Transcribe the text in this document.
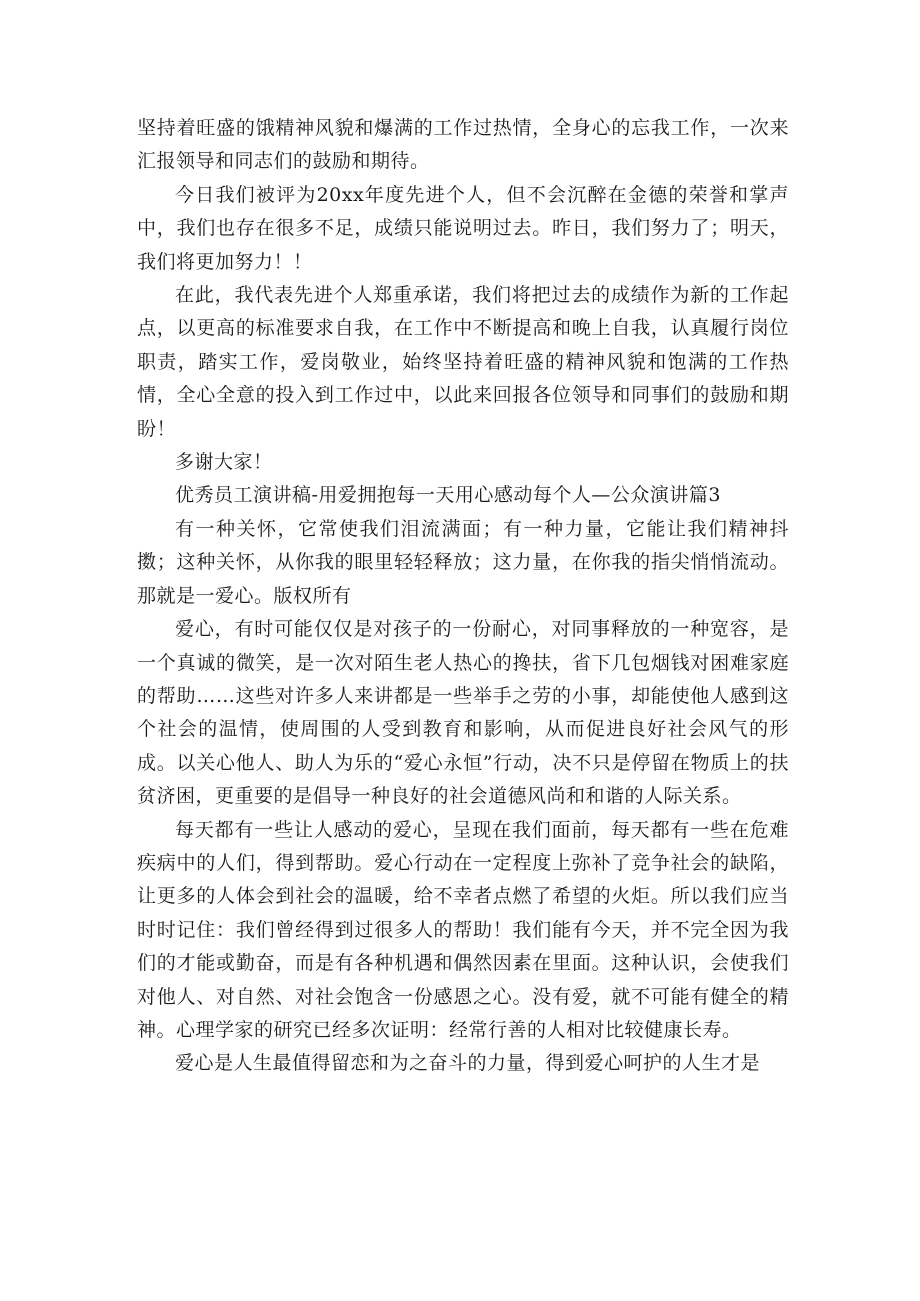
坚持着旺盛的饿精神风貌和爆满的工作过热情，全身心的忘我工作，一次来汇报领导和同志们的鼓励和期待。

今日我们被评为20xx年度先进个人，但不会沉醉在金德的荣誉和掌声中，我们也存在很多不足，成绩只能说明过去。昨日，我们努力了；明天，我们将更加努力！！

在此，我代表先进个人郑重承诺，我们将把过去的成绩作为新的工作起点，以更高的标准要求自我，在工作中不断提高和晚上自我，认真履行岗位职责，踏实工作，爱岗敬业，始终坚持着旺盛的精神风貌和饱满的工作热情，全心全意的投入到工作过中，以此来回报各位领导和同事们的鼓励和期盼！

多谢大家！

优秀员工演讲稿-用爱拥抱每一天用心感动每个人—公众演讲篇3

有一种关怀，它常使我们泪流满面；有一种力量，它能让我们精神抖擞；这种关怀，从你我的眼里轻轻释放；这力量，在你我的指尖悄悄流动。那就是一爱心。版权所有

爱心，有时可能仅仅是对孩子的一份耐心，对同事释放的一种宽容，是一个真诚的微笑，是一次对陌生老人热心的搀扶，省下几包烟钱对困难家庭的帮助……这些对许多人来讲都是一些举手之劳的小事，却能使他人感到这个社会的温情，使周围的人受到教育和影响，从而促进良好社会风气的形成。以关心他人、助人为乐的“爱心永恒”行动，决不只是停留在物质上的扶贫济困，更重要的是倡导一种良好的社会道德风尚和和谐的人际关系。

每天都有一些让人感动的爱心，呈现在我们面前，每天都有一些在危难疾病中的人们，得到帮助。爱心行动在一定程度上弥补了竞争社会的缺陷，让更多的人体会到社会的温暖，给不幸者点燃了希望的火炬。所以我们应当时时记住：我们曾经得到过很多人的帮助！我们能有今天，并不完全因为我们的才能或勤奋，而是有各种机遇和偶然因素在里面。这种认识，会使我们对他人、对自然、对社会饱含一份感恩之心。没有爱，就不可能有健全的精神。心理学家的研究已经多次证明：经常行善的人相对比较健康长寿。

爱心是人生最值得留恋和为之奋斗的力量，得到爱心呵护的人生才是
